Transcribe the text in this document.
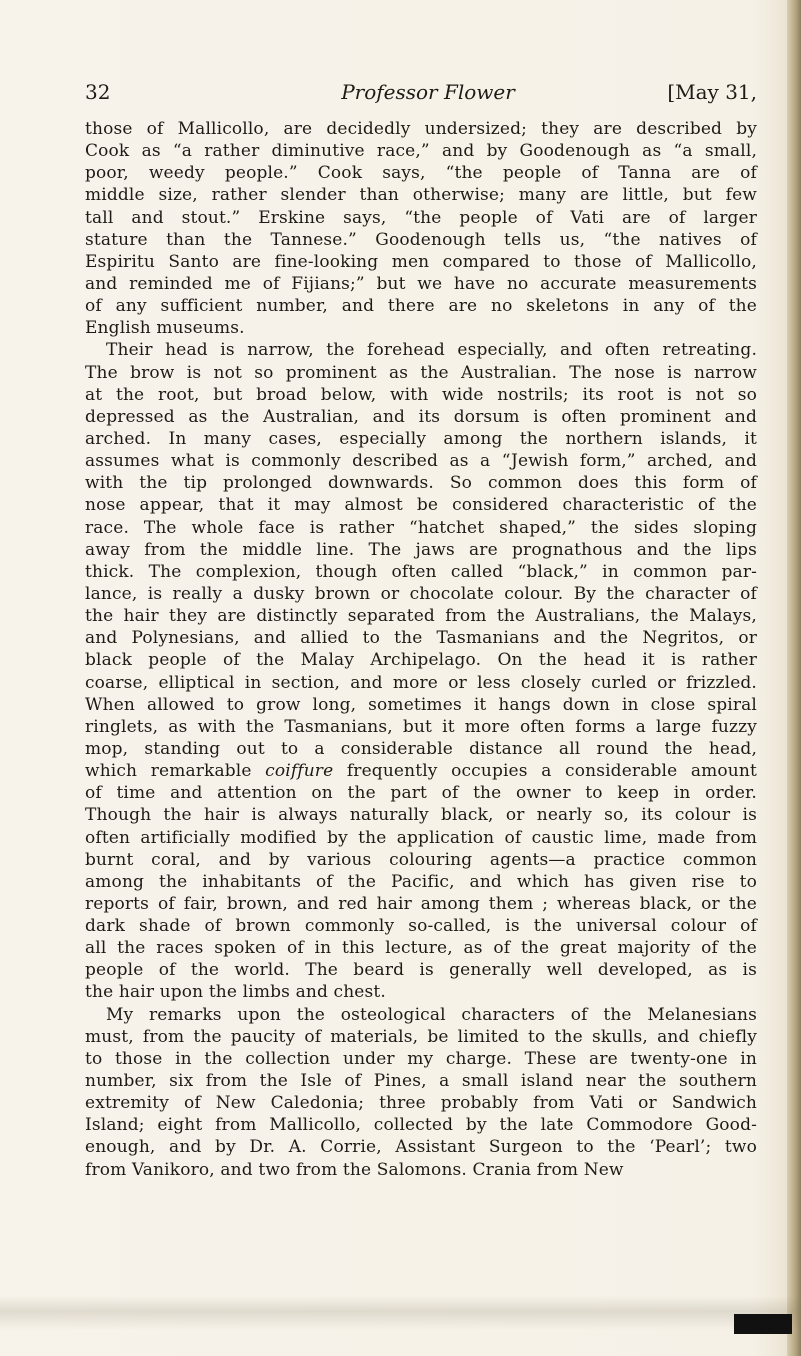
32	Professor Flower	[May 31,
those of Mallicollo, are decidedly undersized; they are described by
Cook as “a rather diminutive race,” and by Goodenough as “a small,
poor, weedy people.” Cook says, “the people of Tanna are of
middle size, rather slender than otherwise; many are little, but few
tall and stout.” Erskine says, “the people of Vati are of larger
stature than the Tannese.” Goodenough tells us, “the natives of
Espiritu Santo are fine-looking men compared to those of Mallicollo,
and reminded me of Fijians;” but we have no accurate measurements
of any sufficient number, and there are no skeletons in any of the
English museums.
Their head is narrow, the forehead especially, and often retreating.
The brow is not so prominent as the Australian. The nose is narrow
at the root, but broad below, with wide nostrils; its root is not so
depressed as the Australian, and its dorsum is often prominent and
arched. In many cases, especially among the northern islands, it
assumes what is commonly described as a “Jewish form,” arched, and
with the tip prolonged downwards. So common does this form of
nose appear, that it may almost be considered characteristic of the
race. The whole face is rather “hatchet shaped,” the sides sloping
away from the middle line. The jaws are prognathous and the lips
thick. The complexion, though often called “black,” in common par-
lance, is really a dusky brown or chocolate colour. By the character of
the hair they are distinctly separated from the Australians, the Malays,
and Polynesians, and allied to the Tasmanians and the Negritos, or
black people of the Malay Archipelago. On the head it is rather
coarse, elliptical in section, and more or less closely curled or frizzled.
When allowed to grow long, sometimes it hangs down in close spiral
ringlets, as with the Tasmanians, but it more often forms a large fuzzy
mop, standing out to a considerable distance all round the head,
which remarkable coiffure frequently occupies a considerable amount
of time and attention on the part of the owner to keep in order.
Though the hair is always naturally black, or nearly so, its colour is
often artificially modified by the application of caustic lime, made from
burnt coral, and by various colouring agents—a practice common
among the inhabitants of the Pacific, and which has given rise to
reports of fair, brown, and red hair among them ; whereas black, or the
dark shade of brown commonly so-called, is the universal colour of
all the races spoken of in this lecture, as of the great majority of the
people of the world. The beard is generally well developed, as is
the hair upon the limbs and chest.
My remarks upon the osteological characters of the Melanesians
must, from the paucity of materials, be limited to the skulls, and chiefly
to those in the collection under my charge. These are twenty-one in
number, six from the Isle of Pines, a small island near the southern
extremity of New Caledonia; three probably from Vati or Sandwich
Island; eight from Mallicollo, collected by the late Commodore Good-
enough, and by Dr. A. Corrie, Assistant Surgeon to the ‘Pearl’; two
from Vanikoro, and two from the Salomons. Crania from New
